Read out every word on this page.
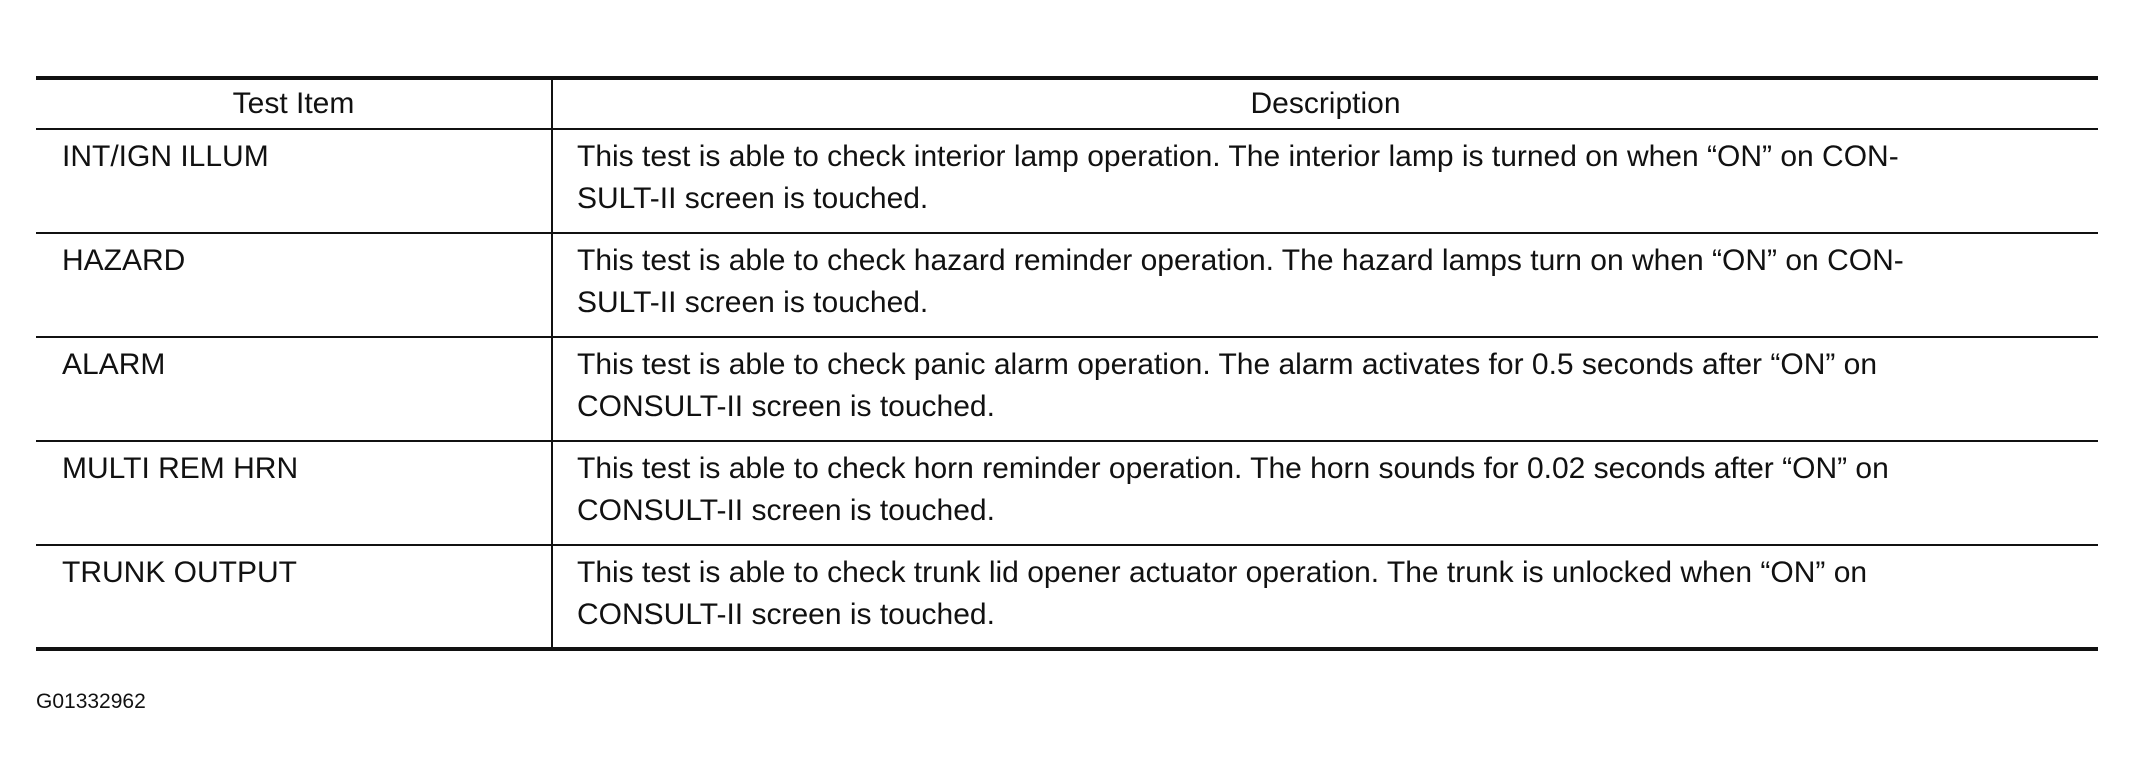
Test Item	Description
INT/IGN ILLUM	This test is able to check interior lamp operation. The interior lamp is turned on when “ON” on CON-
SULT-II screen is touched.

HAZARD	This test is able to check hazard reminder operation. The hazard lamps turn on when “ON” on CON-
SULT-II screen is touched.

ALARM	This test is able to check panic alarm operation. The alarm activates for 0.5 seconds after “ON” on
CONSULT-II screen is touched.

MULTI REM HRN	This test is able to check horn reminder operation. The horn sounds for 0.02 seconds after “ON” on
CONSULT-II screen is touched.

TRUNK OUTPUT	This test is able to check trunk lid opener actuator operation. The trunk is unlocked when “ON” on
CONSULT-II screen is touched.
G01332962
